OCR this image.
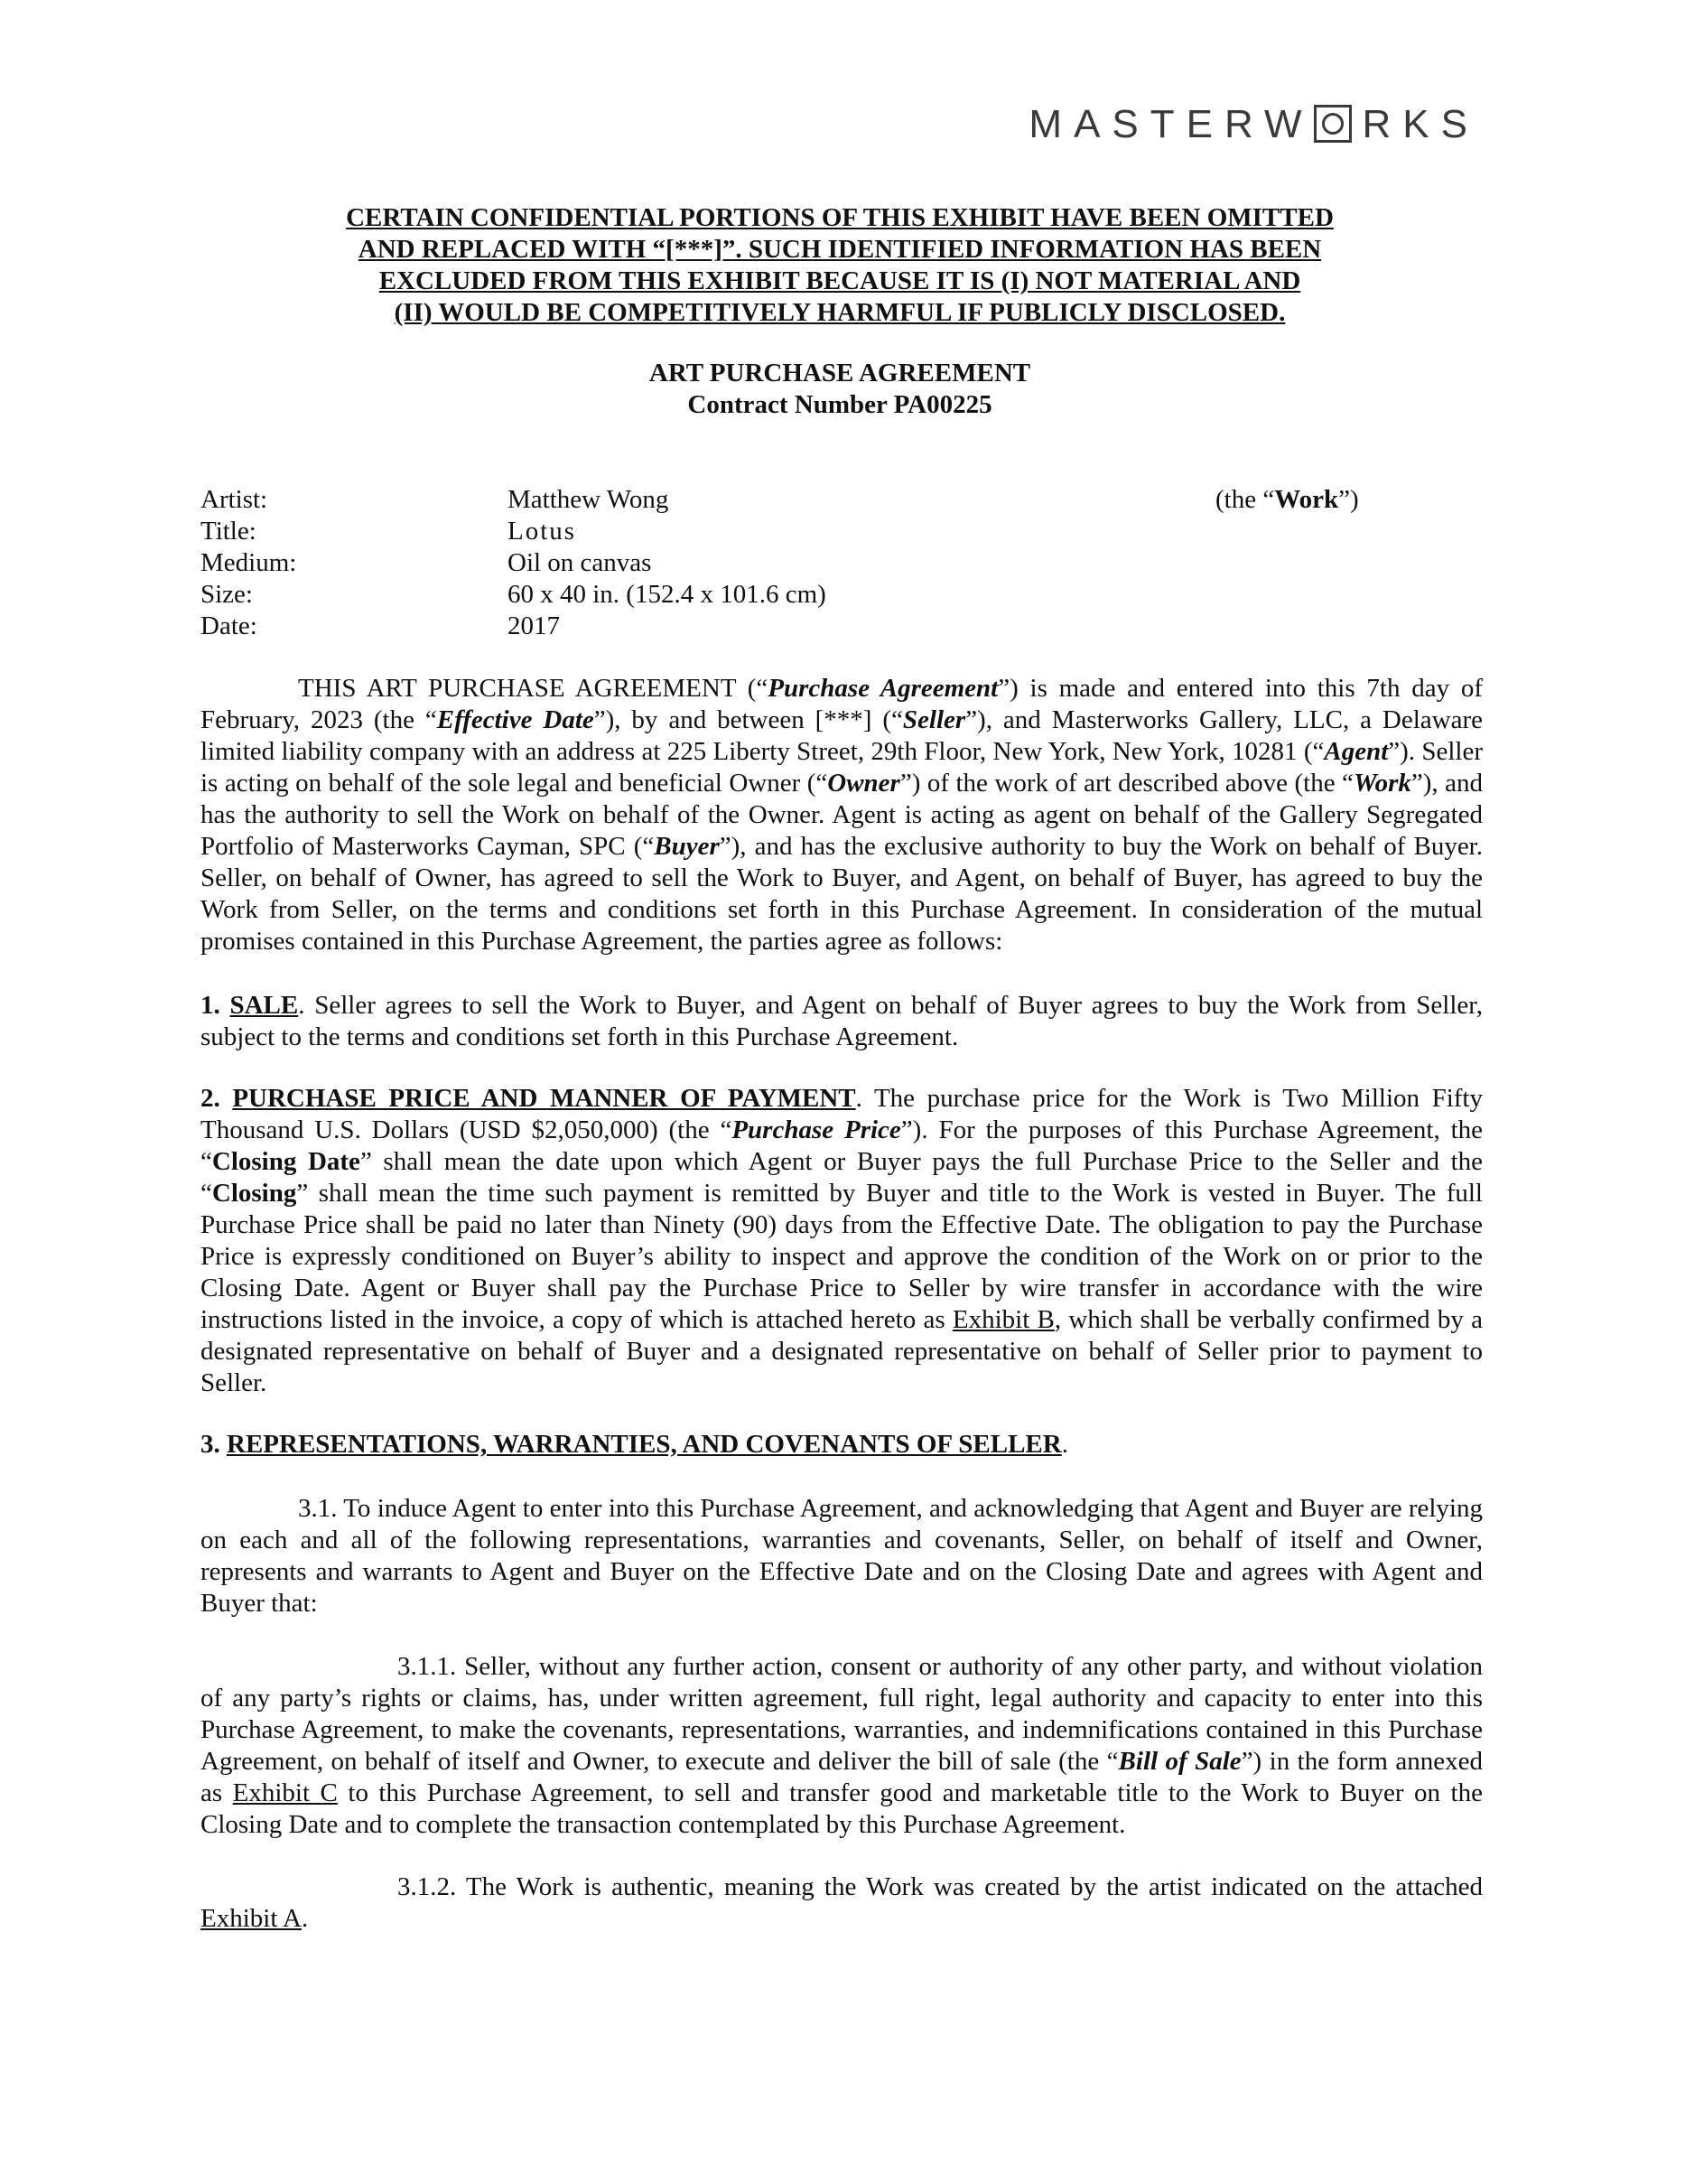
MASTERW RKS
CERTAIN CONFIDENTIAL PORTIONS OF THIS EXHIBIT HAVE BEEN OMITTED
AND REPLACED WITH “[***]”. SUCH IDENTIFIED INFORMATION HAS BEEN
EXCLUDED FROM THIS EXHIBIT BECAUSE IT IS (I) NOT MATERIAL AND
(II) WOULD BE COMPETITIVELY HARMFUL IF PUBLICLY DISCLOSED.
ART PURCHASE AGREEMENT
Contract Number PA00225
Artist:	Matthew Wong	(the “Work”)
Title:	Lotus
Medium:	Oil on canvas
Size:	60 x 40 in. (152.4 x 101.6 cm)
Date:	2017

THIS ART PURCHASE AGREEMENT (“Purchase Agreement”) is made and entered into this 7th day of February, 2023 (the “Effective Date”), by and between [***] (“Seller”), and Masterworks Gallery, LLC, a Delaware limited liability company with an address at 225 Liberty Street, 29th Floor, New York, New York, 10281 (“Agent”). Seller is acting on behalf of the sole legal and beneficial Owner (“Owner”) of the work of art described above (the “Work”), and has the authority to sell the Work on behalf of the Owner. Agent is acting as agent on behalf of the Gallery Segregated Portfolio of Masterworks Cayman, SPC (“Buyer”), and has the exclusive authority to buy the Work on behalf of Buyer. Seller, on behalf of Owner, has agreed to sell the Work to Buyer, and Agent, on behalf of Buyer, has agreed to buy the Work from Seller, on the terms and conditions set forth in this Purchase Agreement. In consideration of the mutual promises contained in this Purchase Agreement, the parties agree as follows:

1. SALE. Seller agrees to sell the Work to Buyer, and Agent on behalf of Buyer agrees to buy the Work from Seller, subject to the terms and conditions set forth in this Purchase Agreement.

2. PURCHASE PRICE AND MANNER OF PAYMENT. The purchase price for the Work is Two Million Fifty Thousand U.S. Dollars (USD $2,050,000) (the “Purchase Price”). For the purposes of this Purchase Agreement, the “Closing Date” shall mean the date upon which Agent or Buyer pays the full Purchase Price to the Seller and the “Closing” shall mean the time such payment is remitted by Buyer and title to the Work is vested in Buyer. The full Purchase Price shall be paid no later than Ninety (90) days from the Effective Date. The obligation to pay the Purchase Price is expressly conditioned on Buyer’s ability to inspect and approve the condition of the Work on or prior to the Closing Date. Agent or Buyer shall pay the Purchase Price to Seller by wire transfer in accordance with the wire instructions listed in the invoice, a copy of which is attached hereto as Exhibit B, which shall be verbally confirmed by a designated representative on behalf of Buyer and a designated representative on behalf of Seller prior to payment to Seller.

3. REPRESENTATIONS, WARRANTIES, AND COVENANTS OF SELLER.

3.1. To induce Agent to enter into this Purchase Agreement, and acknowledging that Agent and Buyer are relying on each and all of the following representations, warranties and covenants, Seller, on behalf of itself and Owner, represents and warrants to Agent and Buyer on the Effective Date and on the Closing Date and agrees with Agent and Buyer that:

3.1.1. Seller, without any further action, consent or authority of any other party, and without violation of any party’s rights or claims, has, under written agreement, full right, legal authority and capacity to enter into this Purchase Agreement, to make the covenants, representations, warranties, and indemnifications contained in this Purchase Agreement, on behalf of itself and Owner, to execute and deliver the bill of sale (the “Bill of Sale”) in the form annexed as Exhibit C to this Purchase Agreement, to sell and transfer good and marketable title to the Work to Buyer on the Closing Date and to complete the transaction contemplated by this Purchase Agreement.

3.1.2. The Work is authentic, meaning the Work was created by the artist indicated on the attached Exhibit A.
